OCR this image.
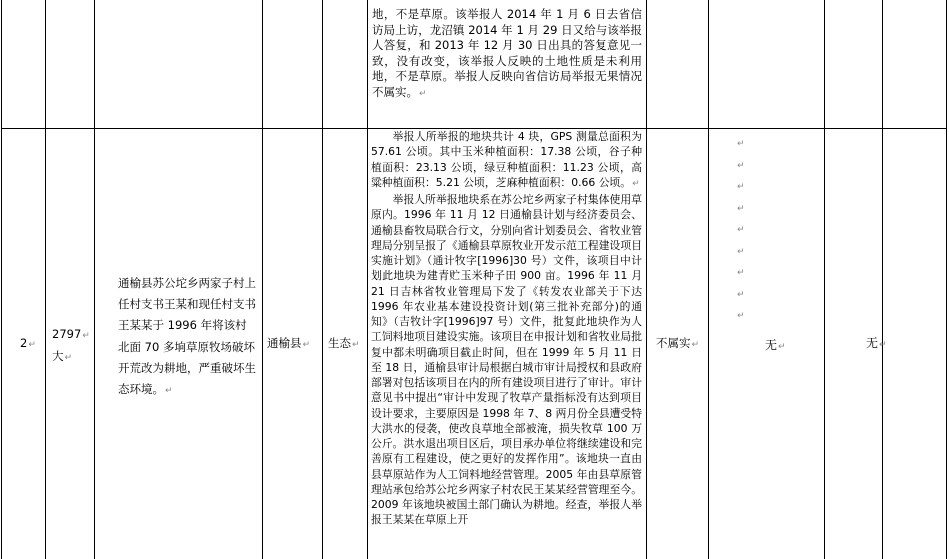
地，不是草原。该举报人 2014 年 1 月 6 日去省信访局上访，龙沼镇 2014 年 1 月 29 日又给与该举报人答复，和 2013 年 12 月 30 日出具的答复意见一致，没有改变，该举报人反映的土地性质是未利用地，不是草原。举报人反映向省信访局举报无果情况不属实。↵
2↵
2797↵
大↵
通榆县苏公坨乡两家子村上任村支书王某和现任村支书王某某于 1996 年将该村北面 70 多垧草原牧场破坏开荒改为耕地，严重破坏生态环境。↵
通榆县↵ 生态↵
举报人所举报的地块共计 4 块，GPS 测量总面积为 57.61 公顷。其中玉米种植面积：17.38 公顷，谷子种植面积：23.13 公顷，绿豆种植面积：11.23 公顷，高粱种植面积：5.21 公顷，芝麻种植面积：0.66 公顷。↵
举报人所举报地块系在苏公坨乡两家子村集体使用草原内。1996 年 11 月 12 日通榆县计划与经济委员会、通榆县畜牧局联合行文，分别向省计划委员会、省牧业管理局分别呈报了《通榆县草原牧业开发示范工程建设项目实施计划》（通计牧字[1996]30 号）文件，该项目中计划此地块为建青贮玉米种子田 900 亩。1996 年 11 月 21 日吉林省牧业管理局下发了《转发农业部关于下达 1996 年农业基本建设投资计划(第三批补充部分)的通知》（吉牧计字[1996]97 号）文件，批复此地块作为人工饲料地项目建设实施。该项目在申报计划和省牧业局批复中都未明确项目截止时间，但在 1999 年 5 月 11 日至 18 日，通榆县审计局根据白城市审计局授权和县政府部署对包括该项目在内的所有建设项目进行了审计。审计意见书中提出“审计中发现了牧草产量指标没有达到项目设计要求，主要原因是 1998 年 7、8 两月份全县遭受特大洪水的侵袭，使改良草地全部被淹，损失牧草 100 万公斤。洪水退出项目区后，项目承办单位将继续建设和完善原有工程建设，使之更好的发挥作用”。该地块一直由县草原站作为人工饲料地经营管理。2005 年由县草原管理站承包给苏公坨乡两家子村农民王某某经营管理至今。2009 年该地块被国土部门确认为耕地。经查，举报人举报王某某在草原上开
不属实↵
↵
↵
↵
↵
↵
↵
↵
↵
↵
无↵	无↵
